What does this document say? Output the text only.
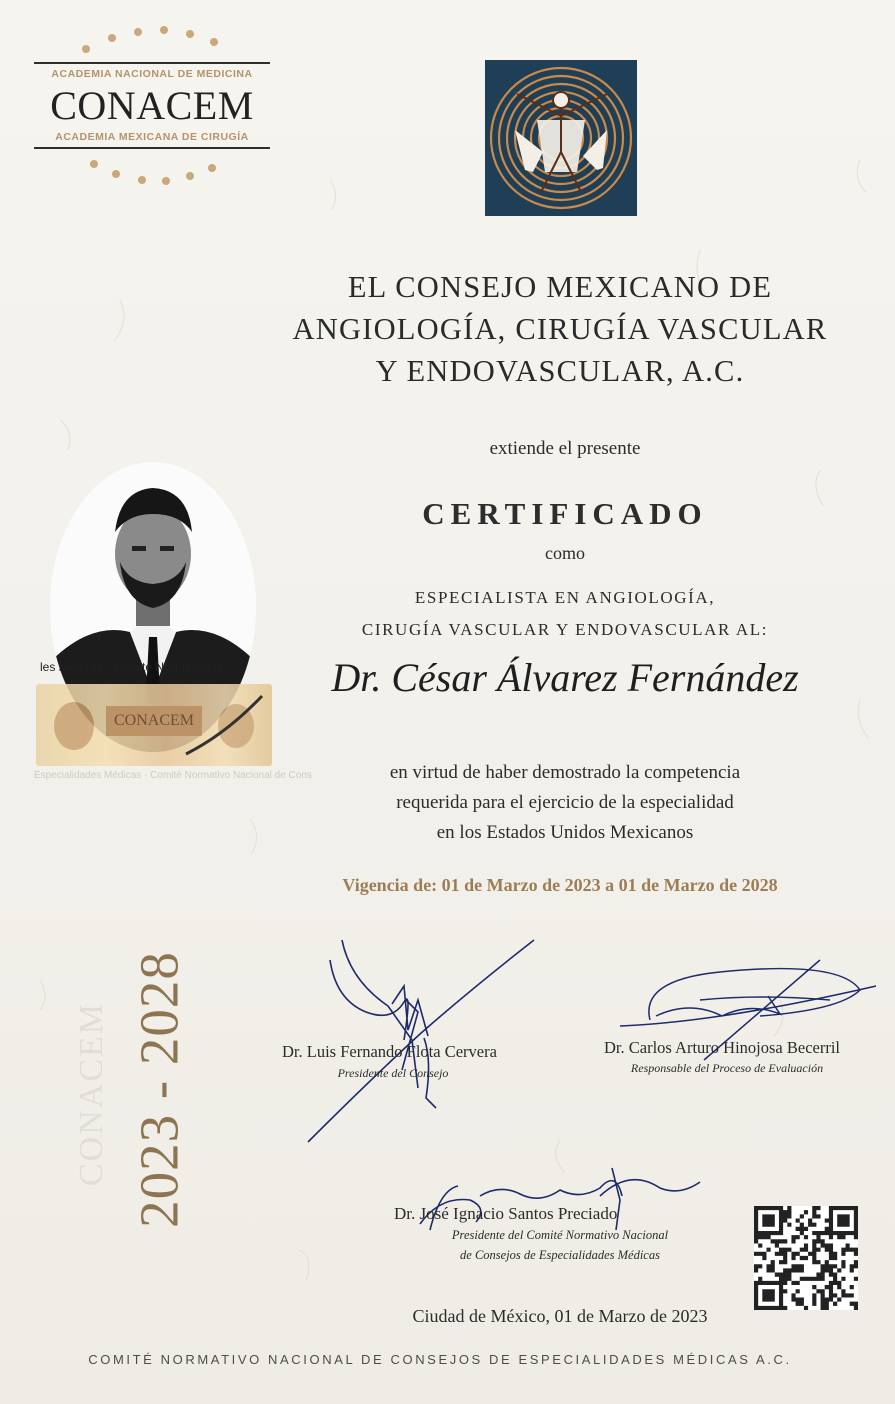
ACADEMIA NACIONAL DE MEDICINA
CONACEM
ACADEMIA MEXICANA DE CIRUGÍA
EL CONSEJO MEXICANO DE
ANGIOLOGÍA, CIRUGÍA VASCULAR
Y ENDOVASCULAR, A.C.
extiende el presente
CERTIFICADO
como
ESPECIALISTA EN ANGIOLOGÍA,
CIRUGÍA VASCULAR Y ENDOVASCULAR AL:
Dr. César Álvarez Fernández
les Médicas · Comité Normativo N
CONACEM
Especialidades Médicas · Comité Normativo Nacional de Cons	en virtud de haber demostrado la competencia
requerida para el ejercicio de la especialidad
en los Estados Unidos Mexicanos
Vigencia de: 01 de Marzo de 2023 a 01 de Marzo de 2028
CONACEM 2023 - 2028	Dr. Luis Fernando Flota Cervera
Presidente del Consejo
Dr. Carlos Arturo Hinojosa Becerril
Responsable del Proceso de Evaluación
Dr. José Ignacio Santos Preciado
Presidente del Comité Normativo Nacional
de Consejos de Especialidades Médicas
Ciudad de México, 01 de Marzo de 2023
COMITÉ NORMATIVO NACIONAL DE CONSEJOS DE ESPECIALIDADES MÉDICAS A.C.
